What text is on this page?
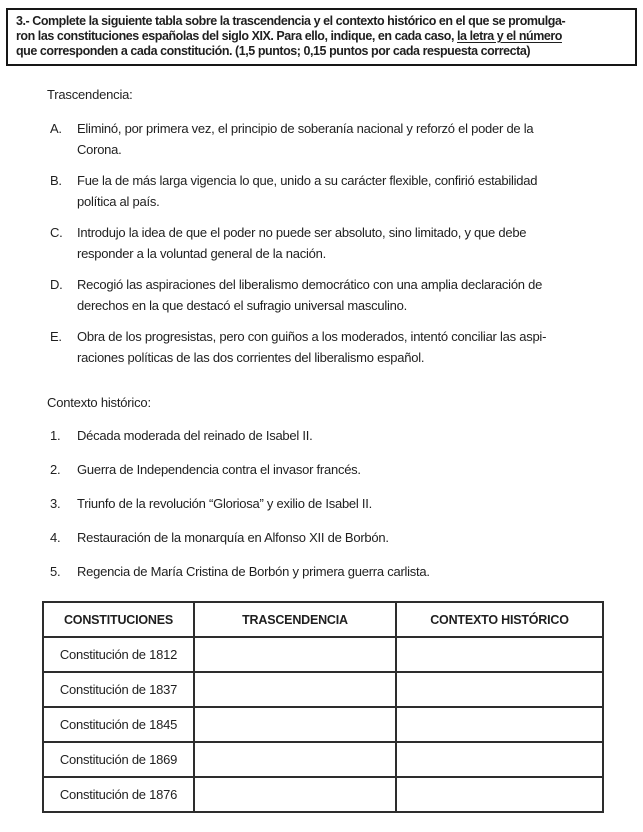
3.- Complete la siguiente tabla sobre la trascendencia y el contexto histórico en el que se promulga-
ron las constituciones españolas del siglo XIX. Para ello, indique, en cada caso, la letra y el número
que corresponden a cada constitución. (1,5 puntos; 0,15 puntos por cada respuesta correcta)
Trascendencia:
A.	Eliminó, por primera vez, el principio de soberanía nacional y reforzó el poder de la
Corona.
B.	Fue la de más larga vigencia lo que, unido a su carácter flexible, confirió estabilidad
política al país.
C.	Introdujo la idea de que el poder no puede ser absoluto, sino limitado, y que debe
responder a la voluntad general de la nación.
D.	Recogió las aspiraciones del liberalismo democrático con una amplia declaración de
derechos en la que destacó el sufragio universal masculino.
E.	Obra de los progresistas, pero con guiños a los moderados, intentó conciliar las aspi-
raciones políticas de las dos corrientes del liberalismo español.
Contexto histórico:
1.	Década moderada del reinado de Isabel II.
2.	Guerra de Independencia contra el invasor francés.
3.	Triunfo de la revolución “Gloriosa” y exilio de Isabel II.
4.	Restauración de la monarquía en Alfonso XII de Borbón.
5.	Regencia de María Cristina de Borbón y primera guerra carlista.
CONSTITUCIONES	TRASCENDENCIA	CONTEXTO HISTÓRICO
Constitución de 1812		
Constitución de 1837		
Constitución de 1845		
Constitución de 1869		
Constitución de 1876		
